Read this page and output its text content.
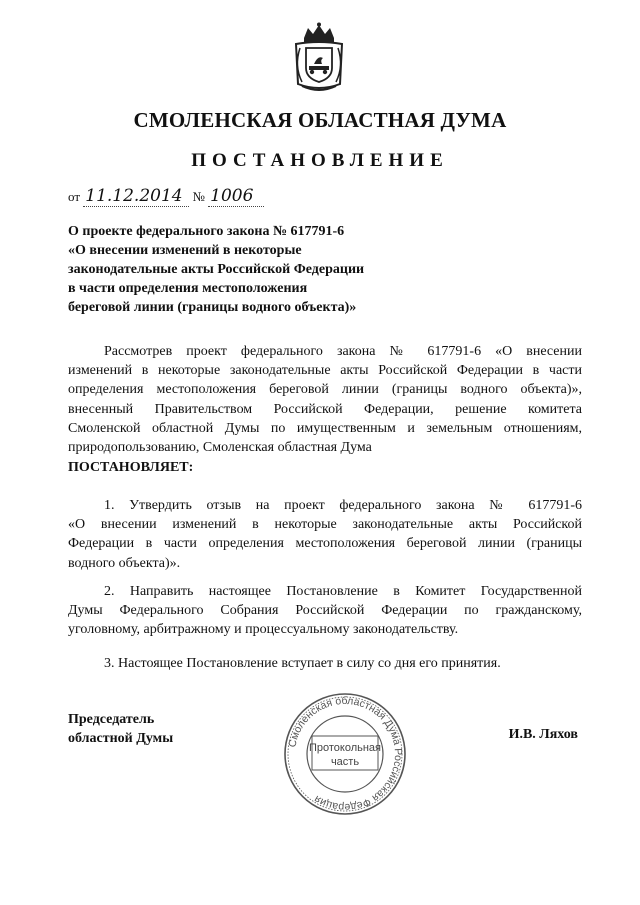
СМОЛЕНСКАЯ ОБЛАСТНАЯ ДУМА
ПОСТАНОВЛЕНИЕ
от 11.12.2014 № 1006
О проекте федерального закона № 617791-6
«О внесении изменений в некоторые
законодательные акты Российской Федерации
в части определения местоположения
береговой линии (границы водного объекта)»
Рассмотрев проект федерального закона № 617791-6 «О внесении
изменений в некоторые законодательные акты Российской Федерации в части
определения местоположения береговой линии (границы водного объекта)»,
внесенный Правительством Российской Федерации, решение комитета
Смоленской областной Думы по имущественным и земельным отношениям,
природопользованию, Смоленская областная Дума
ПОСТАНОВЛЯЕТ:
1. Утвердить отзыв на проект федерального закона № 617791-6
«О внесении изменений в некоторые законодательные акты Российской
Федерации в части определения местоположения береговой линии (границы
водного объекта)».
2. Направить настоящее Постановление в Комитет Государственной
Думы Федерального Собрания Российской Федерации по гражданскому,
уголовному, арбитражному и процессуальному законодательству.
3. Настоящее Постановление вступает в силу со дня его принятия.
Председатель
областной Думы	И.В. Ляхов
Смоленская областная Дума Российская Федерация
Протокольная
часть
